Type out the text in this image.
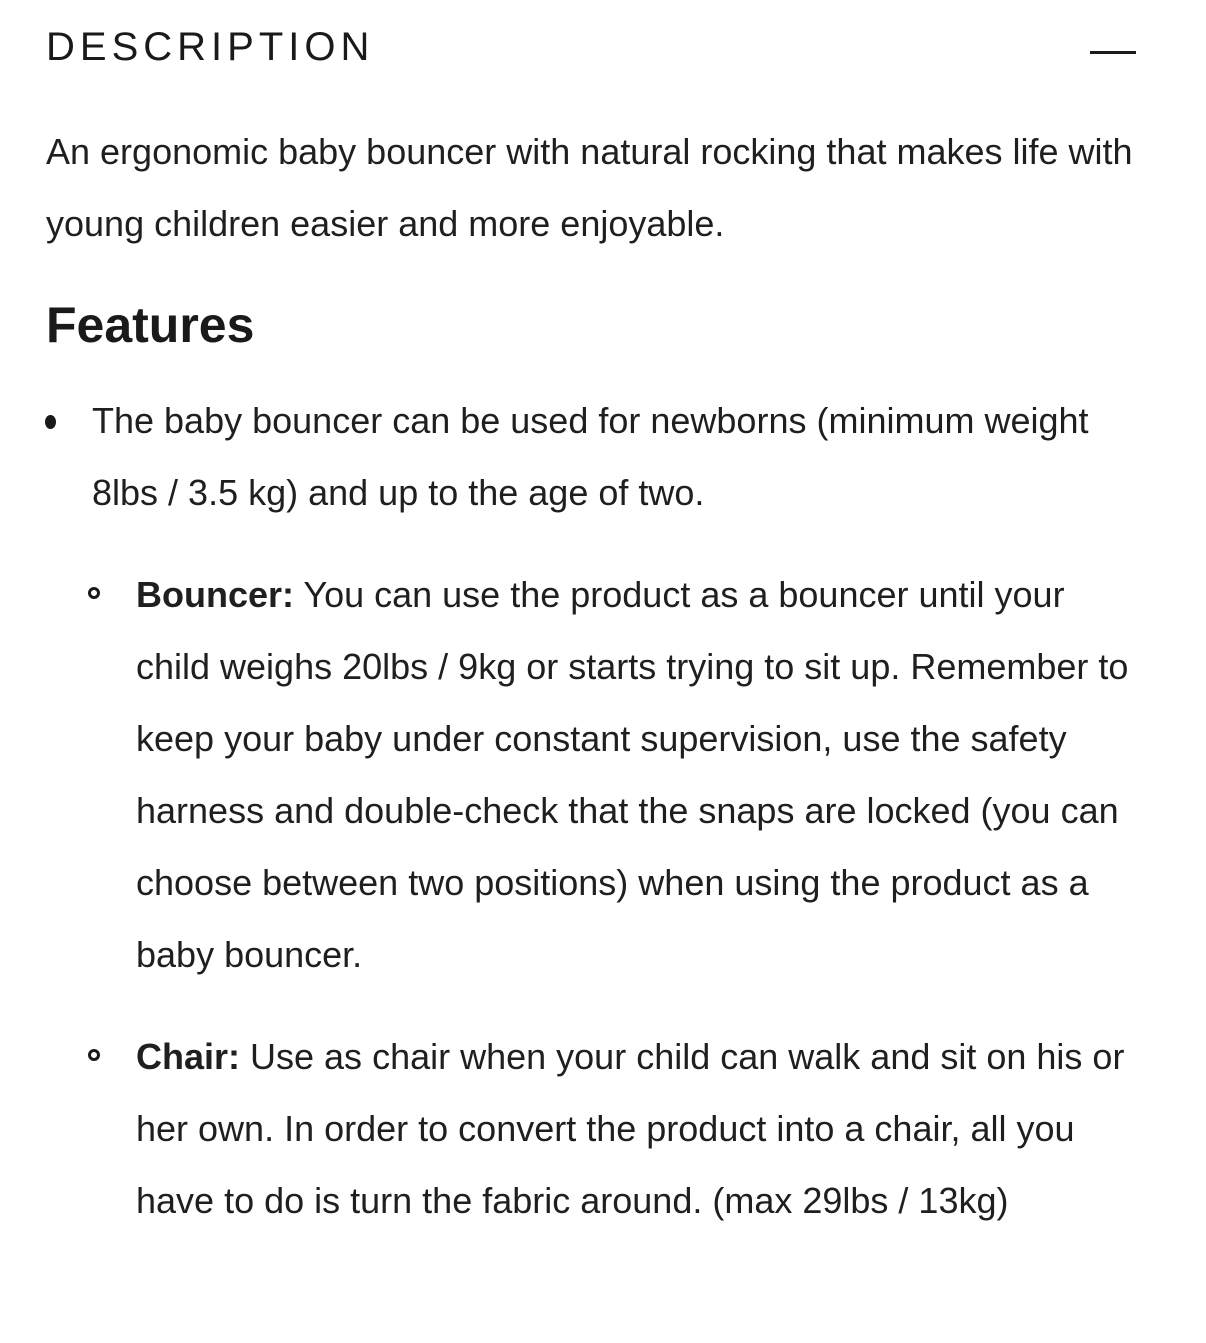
DESCRIPTION

An ergonomic baby bouncer with natural rocking that makes life with young children easier and more enjoyable.

Features
The baby bouncer can be used for newborns (minimum weight 8lbs / 3.5 kg) and up to the age of two.
Bouncer: You can use the product as a bouncer until your child weighs 20lbs / 9kg or starts trying to sit up. Remember to keep your baby under constant supervision, use the safety harness and double-check that the snaps are locked (you can choose between two positions) when using the product as a baby bouncer.
Chair: Use as chair when your child can walk and sit on his or her own. In order to convert the product into a chair, all you have to do is turn the fabric around. (max 29lbs / 13kg)
